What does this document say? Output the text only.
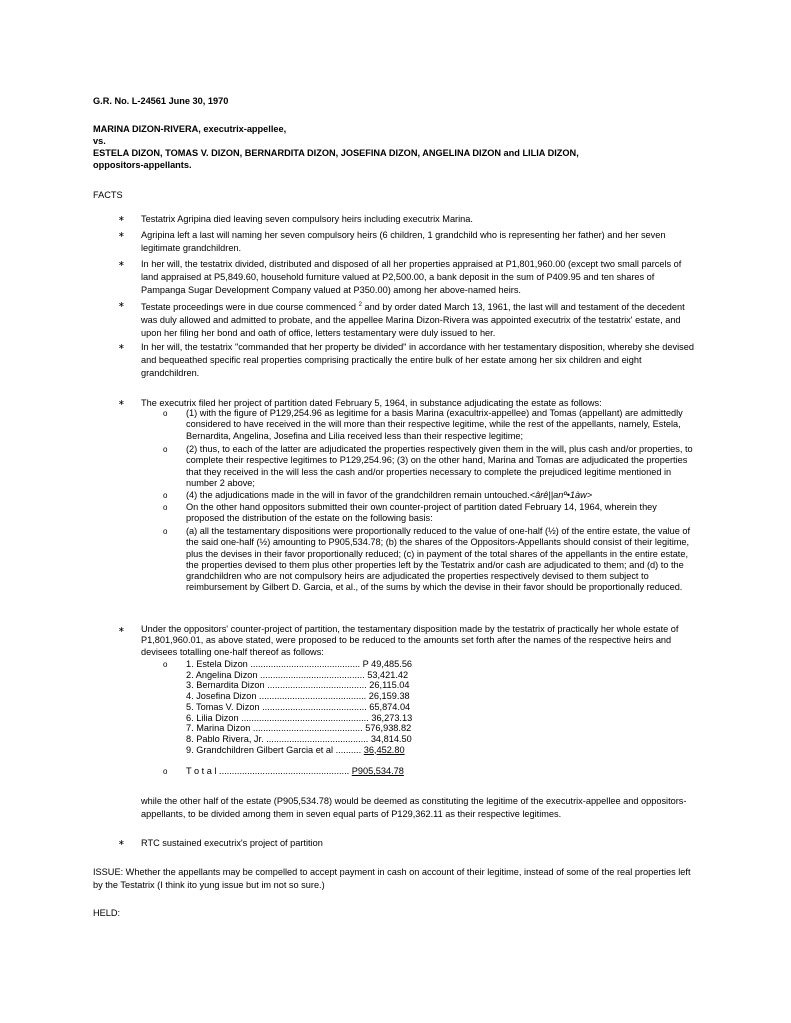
G.R. No. L-24561 June 30, 1970
MARINA DIZON-RIVERA, executrix-appellee,
vs.
ESTELA DIZON, TOMAS V. DIZON, BERNARDITA DIZON, JOSEFINA DIZON, ANGELINA DIZON and LILIA DIZON,
oppositors-appellants.
FACTS
∗ Testatrix Agripina died leaving seven compulsory heirs including executrix Marina.
∗ Agripina left a last will naming her seven compulsory heirs (6 children, 1 grandchild who is representing her father) and her seven legitimate grandchildren.
∗ In her will, the testatrix divided, distributed and disposed of all her properties appraised at P1,801,960.00 (except two small parcels of land appraised at P5,849.60, household furniture valued at P2,500.00, a bank deposit in the sum of P409.95 and ten shares of Pampanga Sugar Development Company valued at P350.00) among her above-named heirs.
∗ Testate proceedings were in due course commenced $^2$ and by order dated March 13, 1961, the last will and testament of the decedent was duly allowed and admitted to probate, and the appellee Marina Dizon-Rivera was appointed executrix of the testatrix' estate, and upon her filing her bond and oath of office, letters testamentary were duly issued to her.
∗ In her will, the testatrix "commanded that her property be divided" in accordance with her testamentary disposition, whereby she devised and bequeathed specific real properties comprising practically the entire bulk of her estate among her six children and eight grandchildren.
∗ The executrix filed her project of partition dated February 5, 1964, in substance adjudicating the estate as follows:
o (1) with the figure of P129,254.96 as legitime for a basis Marina (exacultrix-appellee) and Tomas (appellant) are admittedly considered to have received in the will more than their respective legitime, while the rest of the appellants, namely, Estela, Bernardita, Angelina, Josefina and Lilia received less than their respective legitime;
o (2) thus, to each of the latter are adjudicated the properties respectively given them in the will, plus cash and/or properties, to complete their respective legitimes to P129,254.96; (3) on the other hand, Marina and Tomas are adjudicated the properties that they received in the will less the cash and/or properties necessary to complete the prejudiced legitime mentioned in number 2 above;
o (4) the adjudications made in the will in favor of the grandchildren remain untouched.<ârê||anº•1àw>
o On the other hand oppositors submitted their own counter-project of partition dated February 14, 1964, wherein they proposed the distribution of the estate on the following basis:
o (a) all the testamentary dispositions were proportionally reduced to the value of one-half (½) of the entire estate, the value of the said one-half (½) amounting to P905,534.78; (b) the shares of the Oppositors-Appellants should consist of their legitime, plus the devises in their favor proportionally reduced; (c) in payment of the total shares of the appellants in the entire estate, the properties devised to them plus other properties left by the Testatrix and/or cash are adjudicated to them; and (d) to the grandchildren who are not compulsory heirs are adjudicated the properties respectively devised to them subject to reimbursement by Gilbert D. Garcia, et al., of the sums by which the devise in their favor should be proportionally reduced.
∗ Under the oppositors' counter-project of partition, the testamentary disposition made by the testatrix of practically her whole estate of P1,801,960.01, as above stated, were proposed to be reduced to the amounts set forth after the names of the respective heirs and devisees totalling one-half thereof as follows:
o 1. Estela Dizon ........................................... P 49,485.56
2. Angelina Dizon ......................................... 53,421.42
3. Bernardita Dizon ....................................... 26,115.04
4. Josefina Dizon .......................................... 26,159.38
5. Tomas V. Dizon ......................................... 65,874.04
6. Lilia Dizon .................................................. 36,273.13
7. Marina Dizon ........................................... 576,938.82
8. Pablo Rivera, Jr. ........................................ 34,814.50
9. Grandchildren Gilbert Garcia et al .......... 36,452.80
o T o t a l ................................................... P905,534.78
while the other half of the estate (P905,534.78) would be deemed as constituting the legitime of the executrix-appellee and oppositors-appellants, to be divided among them in seven equal parts of P129,362.11 as their respective legitimes.
∗ RTC sustained executrix's project of partition
ISSUE: Whether the appellants may be compelled to accept payment in cash on account of their legitime, instead of some of the real properties left by the Testatrix (I think ito yung issue but im not so sure.)
HELD:
